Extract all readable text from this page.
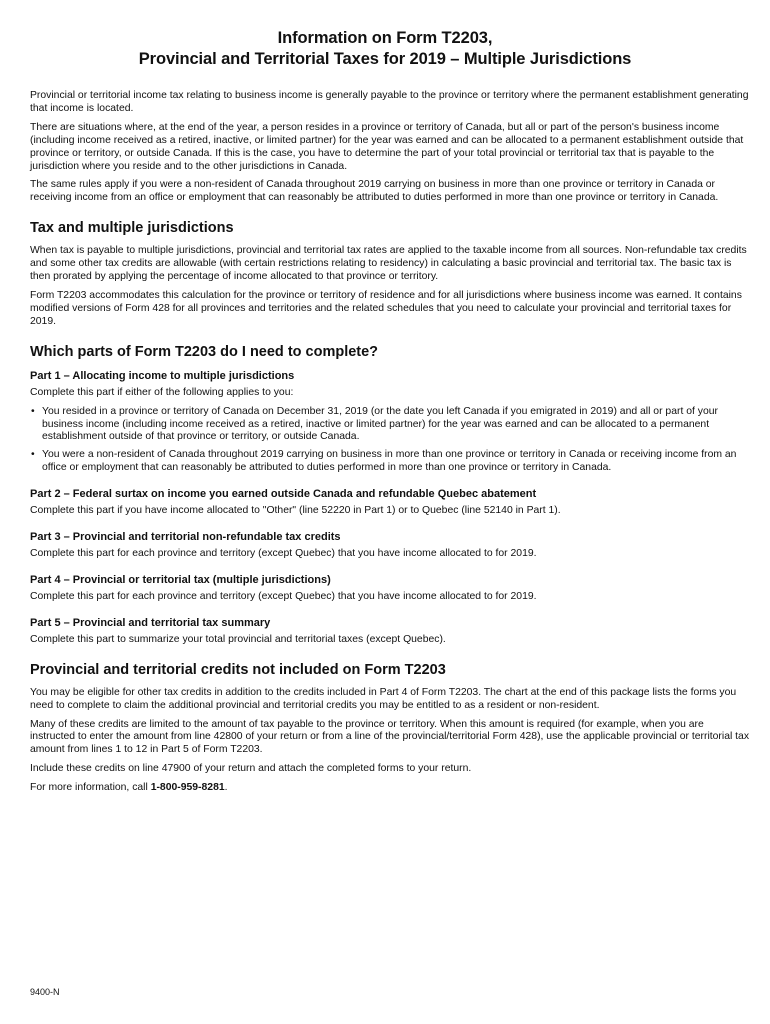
Information on Form T2203,
Provincial and Territorial Taxes for 2019 – Multiple Jurisdictions

Provincial or territorial income tax relating to business income is generally payable to the province or territory where the permanent establishment generating that income is located.

There are situations where, at the end of the year, a person resides in a province or territory of Canada, but all or part of the person's business income (including income received as a retired, inactive, or limited partner) for the year was earned and can be allocated to a permanent establishment outside that province or territory, or outside Canada. If this is the case, you have to determine the part of your total provincial or territorial tax that is payable to the jurisdiction where you reside and to the other jurisdictions in Canada.

The same rules apply if you were a non-resident of Canada throughout 2019 carrying on business in more than one province or territory in Canada or receiving income from an office or employment that can reasonably be attributed to duties performed in more than one province or territory in Canada.

Tax and multiple jurisdictions

When tax is payable to multiple jurisdictions, provincial and territorial tax rates are applied to the taxable income from all sources. Non-refundable tax credits and some other tax credits are allowable (with certain restrictions relating to residency) in calculating a basic provincial and territorial tax. The basic tax is then prorated by applying the percentage of income allocated to that province or territory.

Form T2203 accommodates this calculation for the province or territory of residence and for all jurisdictions where business income was earned. It contains modified versions of Form 428 for all provinces and territories and the related schedules that you need to calculate your provincial and territorial taxes for 2019.

Which parts of Form T2203 do I need to complete?
Part 1 – Allocating income to multiple jurisdictions

Complete this part if either of the following applies to you:

• You resided in a province or territory of Canada on December 31, 2019 (or the date you left Canada if you emigrated in 2019) and all or part of your business income (including income received as a retired, inactive or limited partner) for the year was earned and can be allocated to a permanent establishment outside of that province or territory, or outside Canada.
• You were a non-resident of Canada throughout 2019 carrying on business in more than one province or territory in Canada or receiving income from an office or employment that can reasonably be attributed to duties performed in more than one province or territory in Canada.
Part 2 – Federal surtax on income you earned outside Canada and refundable Quebec abatement

Complete this part if you have income allocated to "Other" (line 52220 in Part 1) or to Quebec (line 52140 in Part 1).

Part 3 – Provincial and territorial non-refundable tax credits

Complete this part for each province and territory (except Quebec) that you have income allocated to for 2019.

Part 4 – Provincial or territorial tax (multiple jurisdictions)

Complete this part for each province and territory (except Quebec) that you have income allocated to for 2019.

Part 5 – Provincial and territorial tax summary

Complete this part to summarize your total provincial and territorial taxes (except Quebec).

Provincial and territorial credits not included on Form T2203

You may be eligible for other tax credits in addition to the credits included in Part 4 of Form T2203. The chart at the end of this package lists the forms you need to complete to claim the additional provincial and territorial credits you may be entitled to as a resident or non-resident.

Many of these credits are limited to the amount of tax payable to the province or territory. When this amount is required (for example, when you are instructed to enter the amount from line 42800 of your return or from a line of the provincial/territorial Form 428), use the applicable provincial or territorial tax amount from lines 1 to 12 in Part 5 of Form T2203.

Include these credits on line 47900 of your return and attach the completed forms to your return.

For more information, call 1-800-959-8281.

9400-N
